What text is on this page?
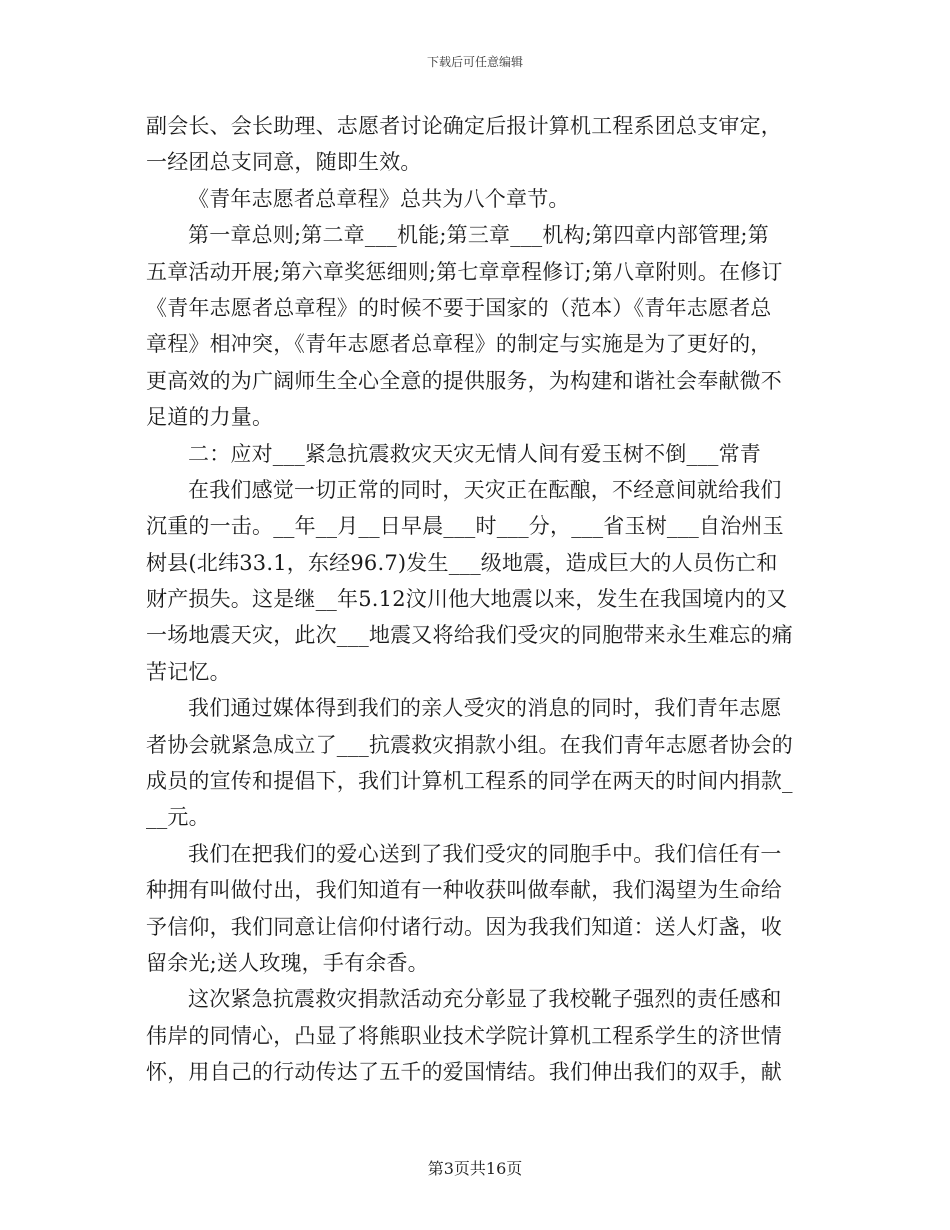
下载后可任意编辑
副会长、会长助理、志愿者讨论确定后报计算机工程系团总支审定，
一经团总支同意，随即生效。
《青年志愿者总章程》总共为八个章节。
第一章总则;第二章___机能;第三章___机构;第四章内部管理;第
五章活动开展;第六章奖惩细则;第七章章程修订;第八章附则。在修订
《青年志愿者总章程》的时候不要于国家的（范本）《青年志愿者总
章程》相冲突，《青年志愿者总章程》的制定与实施是为了更好的，
更高效的为广阔师生全心全意的提供服务，为构建和谐社会奉献微不
足道的力量。
二：应对___紧急抗震救灾天灾无情人间有爱玉树不倒___常青
在我们感觉一切正常的同时，天灾正在酝酿，不经意间就给我们
沉重的一击。__年__月__日早晨___时___分，___省玉树___自治州玉
树县(北纬33.1，东经96.7)发生___级地震，造成巨大的人员伤亡和
财产损失。这是继__年5.12汶川他大地震以来，发生在我国境内的又
一场地震天灾，此次___地震又将给我们受灾的同胞带来永生难忘的痛
苦记忆。
我们通过媒体得到我们的亲人受灾的消息的同时，我们青年志愿
者协会就紧急成立了___抗震救灾捐款小组。在我们青年志愿者协会的
成员的宣传和提倡下，我们计算机工程系的同学在两天的时间内捐款_
__元。
我们在把我们的爱心送到了我们受灾的同胞手中。我们信任有一
种拥有叫做付出，我们知道有一种收获叫做奉献，我们渴望为生命给
予信仰，我们同意让信仰付诸行动。因为我我们知道：送人灯盏，收
留余光;送人玫瑰，手有余香。
这次紧急抗震救灾捐款活动充分彰显了我校靴子强烈的责任感和
伟岸的同情心，凸显了将熊职业技术学院计算机工程系学生的济世情
怀，用自己的行动传达了五千的爱国情结。我们伸出我们的双手，献
第3页共16页
